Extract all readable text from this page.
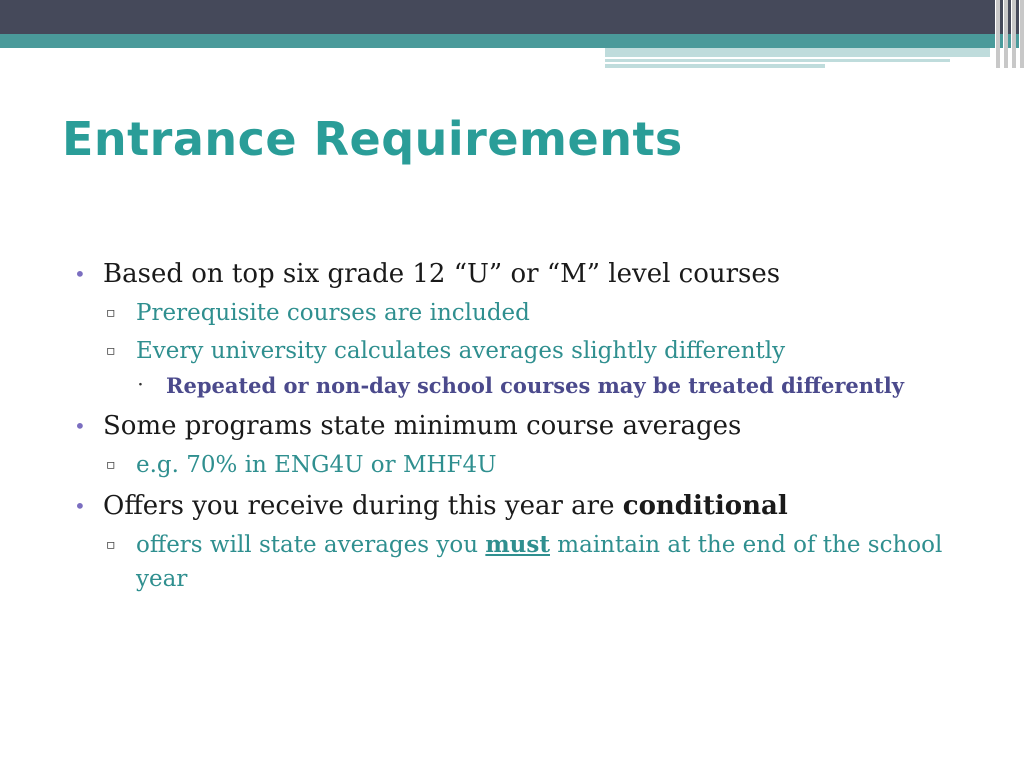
Entrance Requirements
• Based on top six grade 12 “U” or “M” level courses
▫ Prerequisite courses are included
▫ Every university calculates averages slightly differently
·	Repeated or non-day school courses may be treated differently
• Some programs state minimum course averages
▫ e.g. 70% in ENG4U or MHF4U
• Offers you receive during this year are conditional
▫ offers will state averages you must maintain at the end of the school year
